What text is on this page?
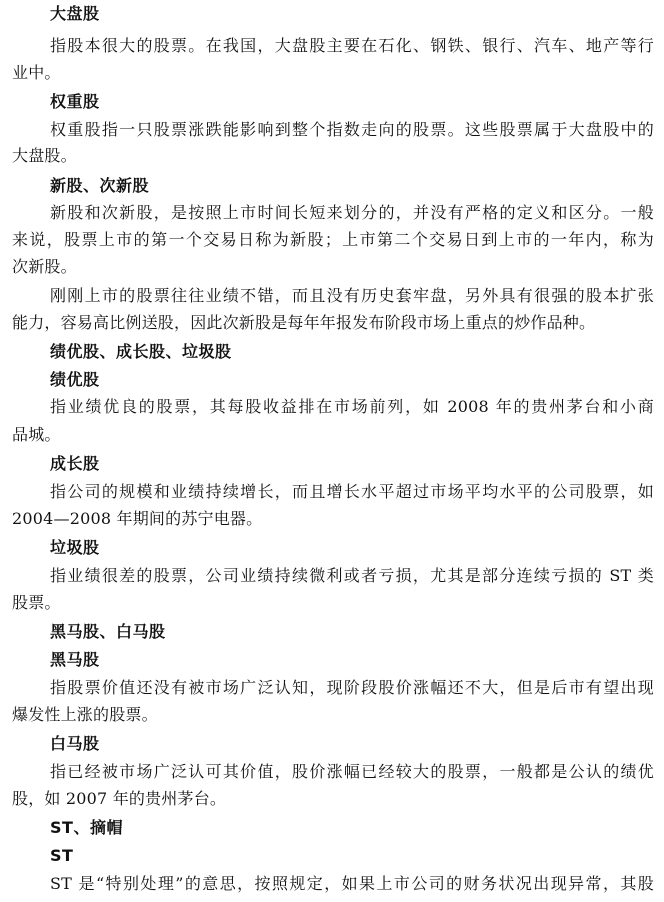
大盘股
指股本很大的股票。在我国，大盘股主要在石化、钢铁、银行、汽车、地产等行
业中。
权重股
权重股指一只股票涨跌能影响到整个指数走向的股票。这些股票属于大盘股中的
大盘股。
新股、次新股
新股和次新股，是按照上市时间长短来划分的，并没有严格的定义和区分。一般
来说，股票上市的第一个交易日称为新股；上市第二个交易日到上市的一年内，称为
次新股。
刚刚上市的股票往往业绩不错，而且没有历史套牢盘，另外具有很强的股本扩张
能力，容易高比例送股，因此次新股是每年年报发布阶段市场上重点的炒作品种。
绩优股、成长股、垃圾股
绩优股
指业绩优良的股票，其每股收益排在市场前列，如 2008 年的贵州茅台和小商
品城。
成长股
指公司的规模和业绩持续增长，而且增长水平超过市场平均水平的公司股票，如
2004—2008 年期间的苏宁电器。
垃圾股
指业绩很差的股票，公司业绩持续微利或者亏损，尤其是部分连续亏损的 ST 类
股票。
黑马股、白马股
黑马股
指股票价值还没有被市场广泛认知，现阶段股价涨幅还不大，但是后市有望出现
爆发性上涨的股票。
白马股
指已经被市场广泛认可其价值，股价涨幅已经较大的股票，一般都是公认的绩优
股，如 2007 年的贵州茅台。
ST、摘帽
ST
ST 是“特别处理”的意思，按照规定，如果上市公司的财务状况出现异常，其股
